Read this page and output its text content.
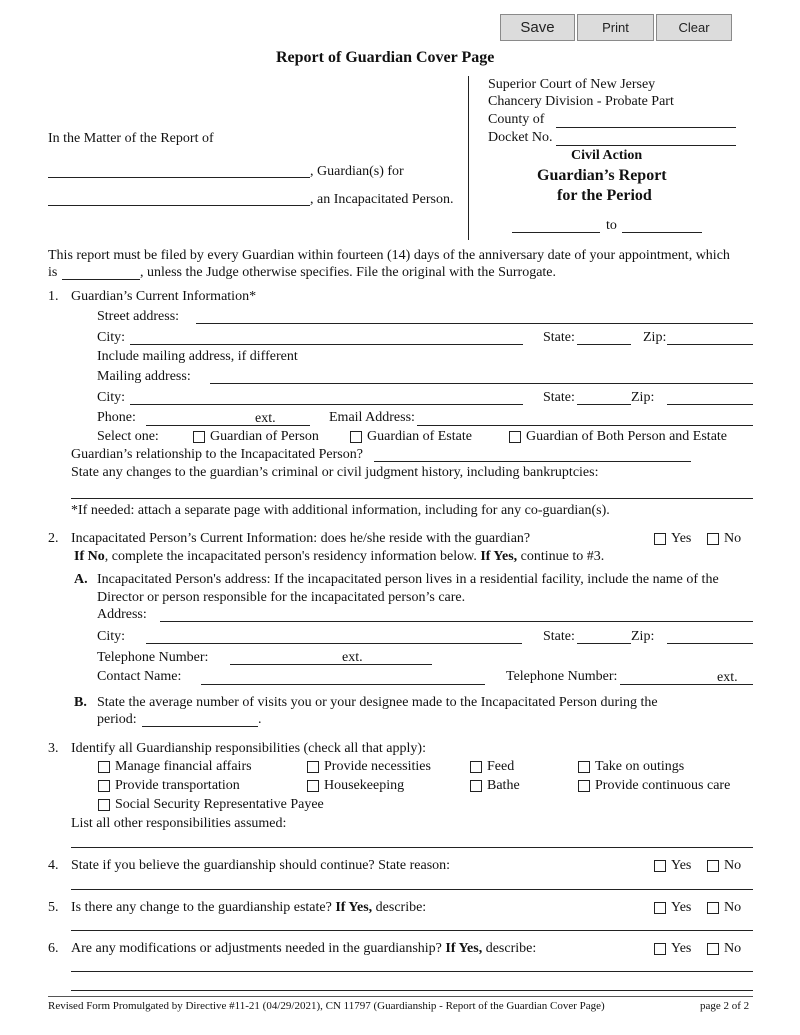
Save	Print	Clear
Report of Guardian Cover Page
Superior Court of New Jersey
Chancery Division - Probate Part
County of
Docket No.
Civil Action
Guardian’s Report
for the Period
to
In the Matter of the Report of
, Guardian(s) for
, an Incapacitated Person.
This report must be filed by every Guardian within fourteen (14) days of the anniversary date of your appointment, which
is	, unless the Judge otherwise specifies. File the original with the Surrogate.
1. Guardian’s Current Information*
Street address:
City:	State:	Zip:
Include mailing address, if different
Mailing address:
City:	State:	Zip:
Phone:	ext.	Email Address:
Select one:	Guardian of Person	Guardian of Estate	Guardian of Both Person and Estate
Guardian’s relationship to the Incapacitated Person?
State any changes to the guardian’s criminal or civil judgment history, including bankruptcies:
*If needed: attach a separate page with additional information, including for any co-guardian(s).
2. Incapacitated Person’s Current Information: does he/she reside with the guardian?	Yes No
If No, complete the incapacitated person's residency information below. If Yes, continue to #3.
A. Incapacitated Person's address: If the incapacitated person lives in a residential facility, include the name of the
Director or person responsible for the incapacitated person’s care.
Address:
City:	State:	Zip:
Telephone Number:	ext.
Contact Name:	Telephone Number:	ext.
B. State the average number of visits you or your designee made to the Incapacitated Person during the
period:	.
3. Identify all Guardianship responsibilities (check all that apply):
Manage financial affairs	Provide necessities	Feed	Take on outings
Provide transportation	Housekeeping	Bathe	Provide continuous care
Social Security Representative Payee
List all other responsibilities assumed:
4. State if you believe the guardianship should continue? State reason:	Yes No
5. Is there any change to the guardianship estate? If Yes, describe:	Yes No
6. Are any modifications or adjustments needed in the guardianship? If Yes, describe:	Yes No
Revised Form Promulgated by Directive #11-21 (04/29/2021), CN 11797 (Guardianship - Report of the Guardian Cover Page)	page 2 of 2
